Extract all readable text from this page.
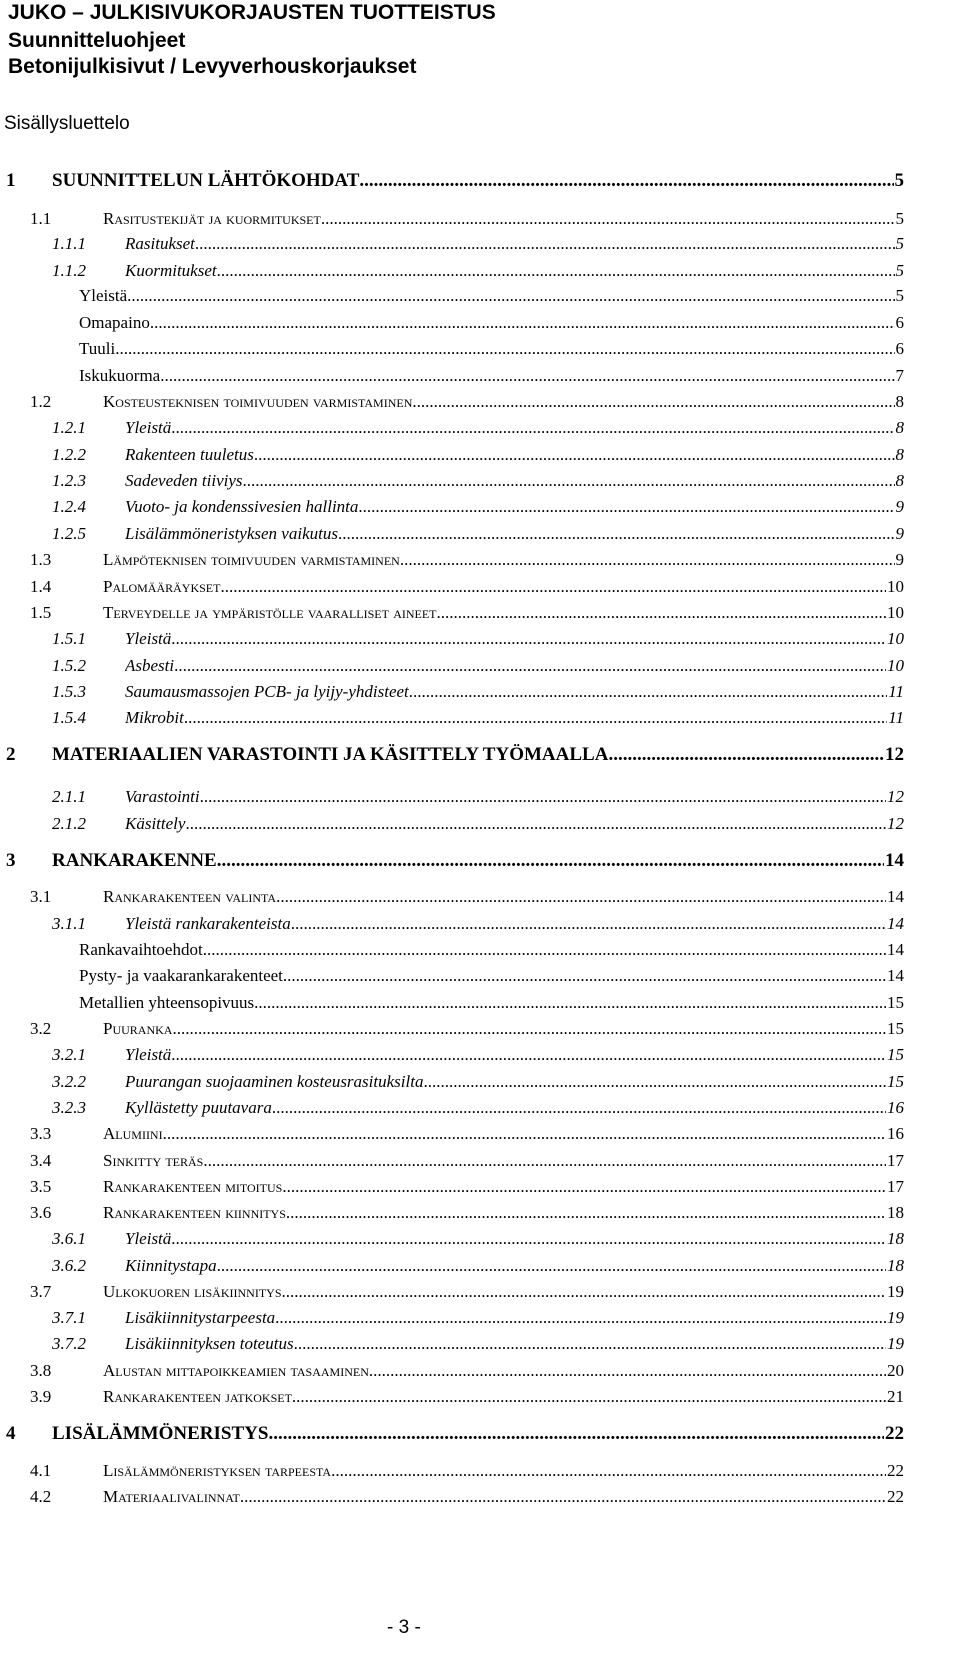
JUKO – JULKISIVUKORJAUSTEN TUOTTEISTUS
Suunnitteluohjeet
Betonijulkisivut / Levyverhouskorjaukset
Sisällysluettelo
1 SUUNNITTELUN LÄHTÖKOHDAT .....	5
1.1	Rasitustekijät ja kuormitukset .....	5
1.1.1 Rasitukset .....	5
1.1.2 Kuormitukset .....	5
Yleistä .....	5
Omapaino .....	6
Tuuli .....	6
Iskukuorma .....	7
1.2	Kosteusteknisen toimivuuden varmistaminen .....	8
1.2.1 Yleistä .....	8
1.2.2 Rakenteen tuuletus .....	8
1.2.3 Sadeveden tiiviys .....	8
1.2.4 Vuoto- ja kondenssivesien hallinta .....	9
1.2.5 Lisälämmöneristyksen vaikutus .....	9
1.3	Lämpöteknisen toimivuuden varmistaminen .....	9
1.4	Palomääräykset .....	10
1.5	Terveydelle ja ympäristölle vaaralliset aineet .....	10
1.5.1 Yleistä .....	10
1.5.2 Asbesti .....	10
1.5.3 Saumausmassojen PCB- ja lyijy-yhdisteet .....	11
1.5.4 Mikrobit .....	11
2 MATERIAALIEN VARASTOINTI JA KÄSITTELY TYÖMAALLA .....	12
2.1.1 Varastointi .....	12
2.1.2 Käsittely .....	12
3 RANKARAKENNE .....	14
3.1	Rankarakenteen valinta .....	14
3.1.1 Yleistä rankarakenteista .....	14
Rankavaihtoehdot .....	14
Pysty- ja vaakarankarakenteet .....	14
Metallien yhteensopivuus .....	15
3.2	Puuranka .....	15
3.2.1 Yleistä .....	15
3.2.2 Puurangan suojaaminen kosteusrasituksilta .....	15
3.2.3 Kyllästetty puutavara .....	16
3.3	Alumiini .....	16
3.4	Sinkitty teräs .....	17
3.5	Rankarakenteen mitoitus .....	17
3.6	Rankarakenteen kiinnitys .....	18
3.6.1 Yleistä .....	18
3.6.2 Kiinnitystapa .....	18
3.7	Ulkokuoren lisäkiinnitys .....	19
3.7.1 Lisäkiinnitystarpeesta .....	19
3.7.2 Lisäkiinnityksen toteutus .....	19
3.8	Alustan mittapoikkeamien tasaaminen .....	20
3.9	Rankarakenteen jatkokset .....	21
4 LISÄLÄMMÖNERISTYS .....	22
4.1	Lisälämmöneristyksen tarpeesta .....	22
4.2	Materiaalivalinnat .....	22
- 3 -
